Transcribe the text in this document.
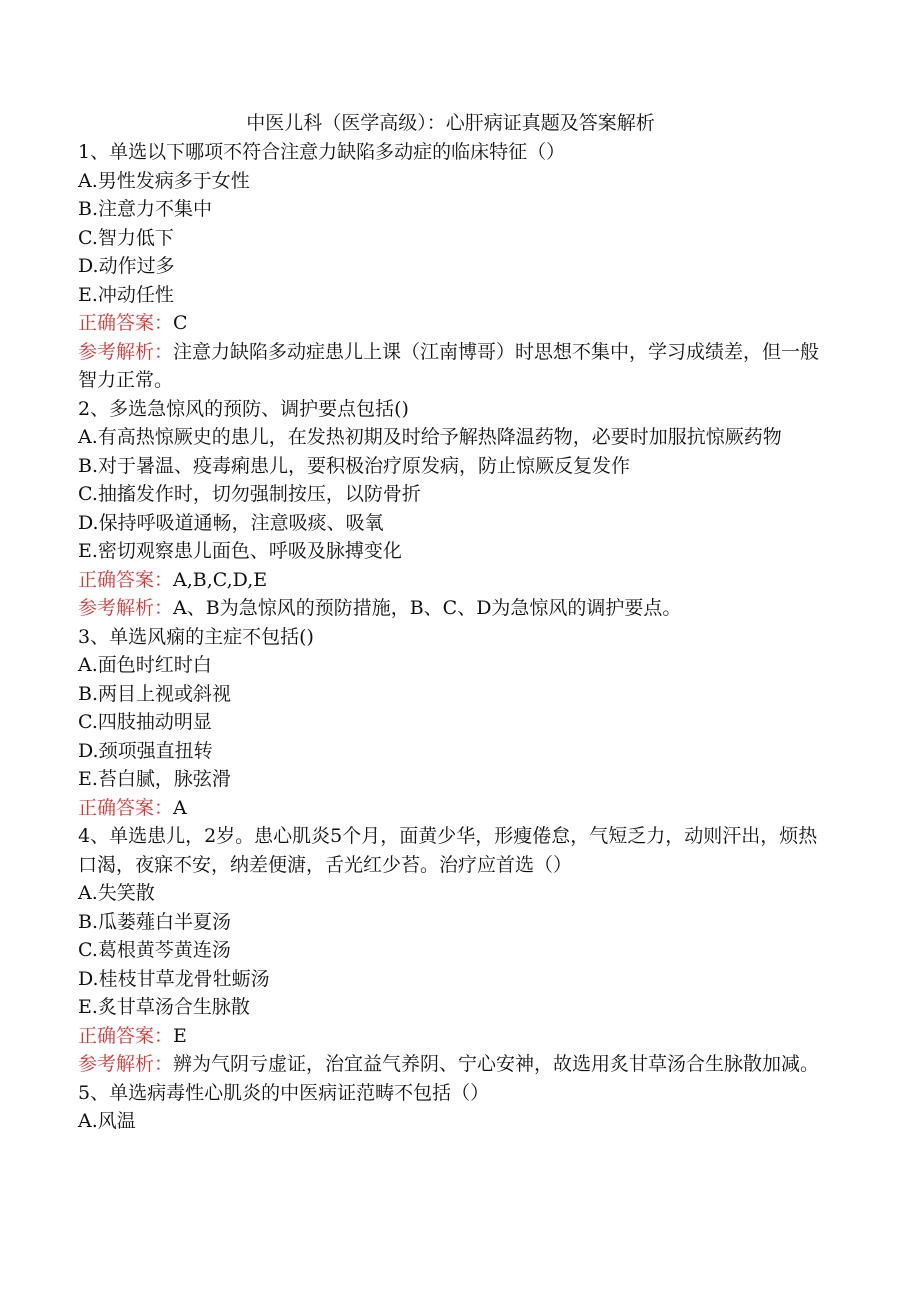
中医儿科（医学高级）：心肝病证真题及答案解析
1、单选以下哪项不符合注意力缺陷多动症的临床特征（）
A.男性发病多于女性
B.注意力不集中
C.智力低下
D.动作过多
E.冲动任性
正确答案：C
参考解析：注意力缺陷多动症患儿上课（江南博哥）时思想不集中，学习成绩差，但一般智力正常。
2、多选急惊风的预防、调护要点包括()
A.有高热惊厥史的患儿，在发热初期及时给予解热降温药物，必要时加服抗惊厥药物
B.对于暑温、疫毒痢患儿，要积极治疗原发病，防止惊厥反复发作
C.抽搐发作时，切勿强制按压，以防骨折
D.保持呼吸道通畅，注意吸痰、吸氧
E.密切观察患儿面色、呼吸及脉搏变化
正确答案：A,B,C,D,E
参考解析：A、B为急惊风的预防措施，B、C、D为急惊风的调护要点。
3、单选风痫的主症不包括()
A.面色时红时白
B.两目上视或斜视
C.四肢抽动明显
D.颈项强直扭转
E.苔白腻，脉弦滑
正确答案：A
4、单选患儿，2岁。患心肌炎5个月，面黄少华，形瘦倦怠，气短乏力，动则汗出，烦热口渴，夜寐不安，纳差便溏，舌光红少苔。治疗应首选（）
A.失笑散
B.瓜蒌薤白半夏汤
C.葛根黄芩黄连汤
D.桂枝甘草龙骨牡蛎汤
E.炙甘草汤合生脉散
正确答案：E
参考解析：辨为气阴亏虚证，治宜益气养阴、宁心安神，故选用炙甘草汤合生脉散加减。
5、单选病毒性心肌炎的中医病证范畴不包括（）
A.风温
